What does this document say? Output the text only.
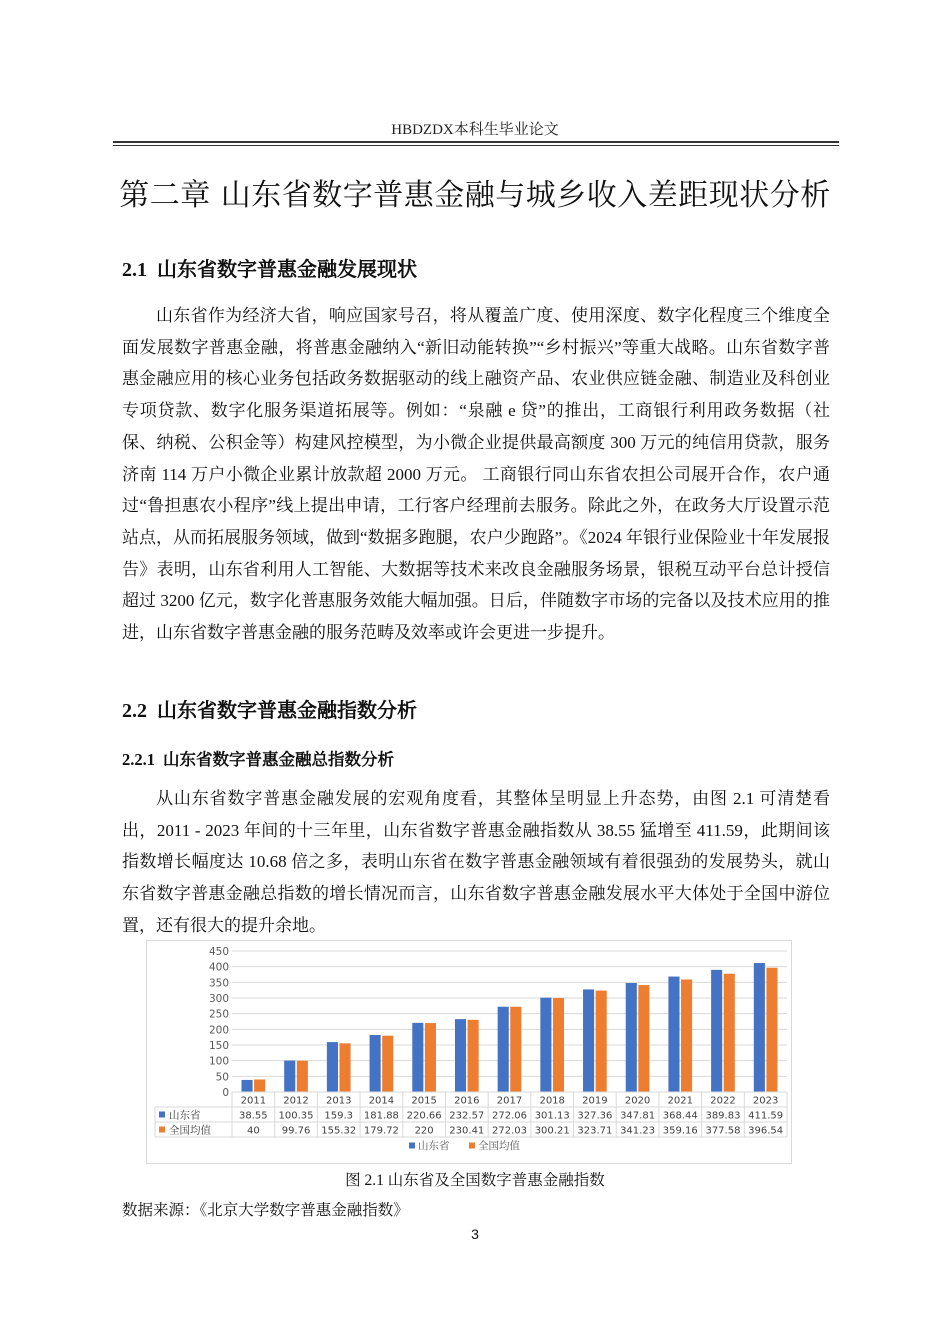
HBDZDX本科生毕业论文
第二章 山东省数字普惠金融与城乡收入差距现状分析
2.1 山东省数字普惠金融发展现状
山东省作为经济大省，响应国家号召，将从覆盖广度、使用深度、数字化程度三个维度全面发展数字普惠金融，将普惠金融纳入“新旧动能转换”“乡村振兴”等重大战略。山东省数字普惠金融应用的核心业务包括政务数据驱动的线上融资产品、农业供应链金融、制造业及科创业专项贷款、数字化服务渠道拓展等。例如：“泉融 e 贷”的推出，工商银行利用政务数据（社保、纳税、公积金等）构建风控模型，为小微企业提供最高额度 300 万元的纯信用贷款，服务济南 114 万户小微企业累计放款超 2000 万元。 工商银行同山东省农担公司展开合作，农户通过“鲁担惠农小程序”线上提出申请，工行客户经理前去服务。除此之外，在政务大厅设置示范站点，从而拓展服务领域，做到“数据多跑腿，农户少跑路”。《2024 年银行业保险业十年发展报告》表明，山东省利用人工智能、大数据等技术来改良金融服务场景，银税互动平台总计授信超过 3200 亿元，数字化普惠服务效能大幅加强。日后，伴随数字市场的完备以及技术应用的推进，山东省数字普惠金融的服务范畴及效率或许会更进一步提升。
2.2 山东省数字普惠金融指数分析
2.2.1 山东省数字普惠金融总指数分析
从山东省数字普惠金融发展的宏观角度看，其整体呈明显上升态势，由图 2.1 可清楚看出，2011 - 2023 年间的十三年里，山东省数字普惠金融指数从 38.55 猛增至 411.59，此期间该指数增长幅度达 10.68 倍之多，表明山东省在数字普惠金融领域有着很强劲的发展势头，就山东省数字普惠金融总指数的增长情况而言，山东省数字普惠金融发展水平大体处于全国中游位置，还有很大的提升余地。
0
50
100
150
200
250
300
350
400
450
2011 2012 2013 2014 2015 2016 2017 2018 2019 2020 2021 2022 2023
山东省	38.55 100.35 159.3 181.88 220.66 232.57 272.06 301.13 327.36 347.81 368.44 389.83 411.59
全国均值	40 99.76 155.32 179.72 220 230.41 272.03 300.21 323.71 341.23 359.16 377.58 396.54
山东省	全国均值
图 2.1 山东省及全国数字普惠金融指数
数据来源：《北京大学数字普惠金融指数》
3
